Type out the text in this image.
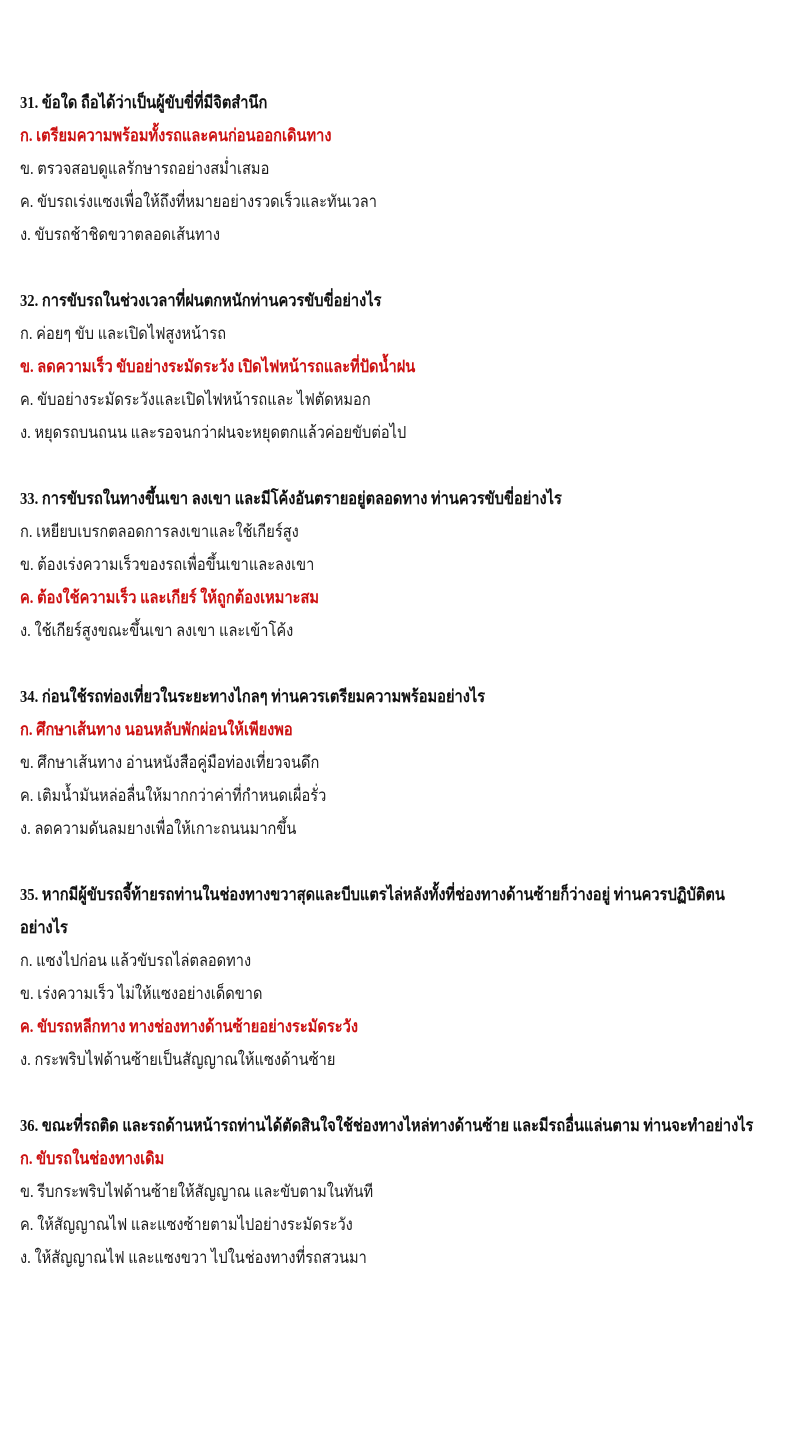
31. ข้อใด ถือได้ว่าเป็นผู้ขับขี่ที่มีจิตสำนึก
ก. เตรียมความพร้อมทั้งรถและคนก่อนออกเดินทาง
ข. ตรวจสอบดูแลรักษารถอย่างสม่ำเสมอ
ค. ขับรถเร่งแซงเพื่อให้ถึงที่หมายอย่างรวดเร็วและทันเวลา
ง. ขับรถช้าชิดขวาตลอดเส้นทาง
32. การขับรถในช่วงเวลาที่ฝนตกหนักท่านควรขับขี่อย่างไร
ก. ค่อยๆ ขับ และเปิดไฟสูงหน้ารถ
ข. ลดความเร็ว ขับอย่างระมัดระวัง เปิดไฟหน้ารถและที่ปัดน้ำฝน
ค. ขับอย่างระมัดระวังและเปิดไฟหน้ารถและ ไฟตัดหมอก
ง. หยุดรถบนถนน และรอจนกว่าฝนจะหยุดตกแล้วค่อยขับต่อไป
33. การขับรถในทางขึ้นเขา ลงเขา และมีโค้งอันตรายอยู่ตลอดทาง ท่านควรขับขี่อย่างไร
ก. เหยียบเบรกตลอดการลงเขาและใช้เกียร์สูง
ข. ต้องเร่งความเร็วของรถเพื่อขึ้นเขาและลงเขา
ค. ต้องใช้ความเร็ว และเกียร์ ให้ถูกต้องเหมาะสม
ง. ใช้เกียร์สูงขณะขึ้นเขา ลงเขา และเข้าโค้ง
34. ก่อนใช้รถท่องเที่ยวในระยะทางไกลๆ ท่านควรเตรียมความพร้อมอย่างไร
ก. ศึกษาเส้นทาง นอนหลับพักผ่อนให้เพียงพอ
ข. ศึกษาเส้นทาง อ่านหนังสือคู่มือท่องเที่ยวจนดึก
ค. เติมน้ำมันหล่อลื่นให้มากกว่าค่าที่กำหนดเผื่อรั่ว
ง. ลดความดันลมยางเพื่อให้เกาะถนนมากขึ้น
35. หากมีผู้ขับรถจี้ท้ายรถท่านในช่องทางขวาสุดและบีบแตรไล่หลังทั้งที่ช่องทางด้านซ้ายก็ว่างอยู่ ท่านควรปฏิบัติตน
อย่างไร
ก. แซงไปก่อน แล้วขับรถไล่ตลอดทาง
ข. เร่งความเร็ว ไม่ให้แซงอย่างเด็ดขาด
ค. ขับรถหลีกทาง ทางช่องทางด้านซ้ายอย่างระมัดระวัง
ง. กระพริบไฟด้านซ้ายเป็นสัญญาณให้แซงด้านซ้าย
36. ขณะที่รถติด และรถด้านหน้ารถท่านได้ตัดสินใจใช้ช่องทางไหล่ทางด้านซ้าย และมีรถอื่นแล่นตาม ท่านจะทำอย่างไร
ก. ขับรถในช่องทางเดิม
ข. รีบกระพริบไฟด้านซ้ายให้สัญญาณ และขับตามในทันที
ค. ให้สัญญาณไฟ และแซงซ้ายตามไปอย่างระมัดระวัง
ง. ให้สัญญาณไฟ และแซงขวา ไปในช่องทางที่รถสวนมา
